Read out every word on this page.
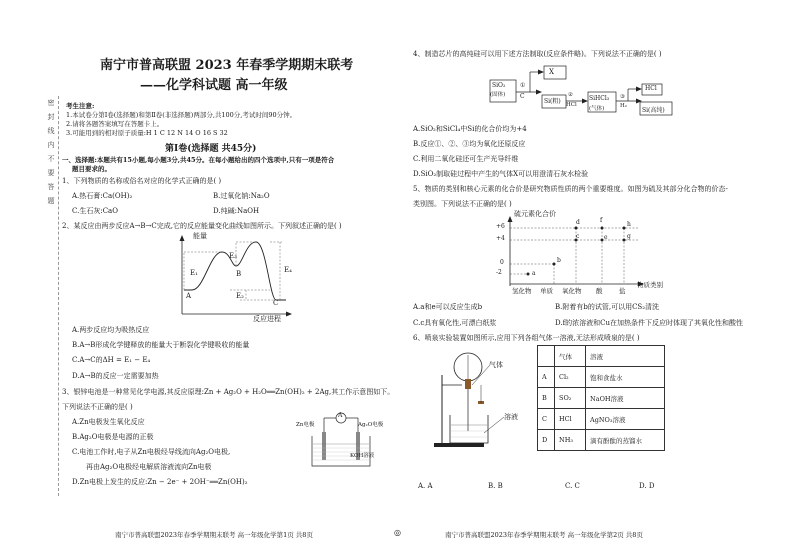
密 封 线 内 不 要 答 题
南宁市普高联盟 2023 年春季学期期末联考
——化学科试题 高一年级
考生注意:
1.本试卷分第Ⅰ卷(选择题)和第Ⅱ卷(非选择题)两部分,共100分,考试时间90分钟。
2.请将各题答案填写在答题卡上。
3.可能用到的相对原子质量:H 1 C 12 N 14 O 16 S 32
第Ⅰ卷(选择题 共45分)
一、选择题:本题共有15小题,每小题3分,共45分。在每小题给出的四个选项中,只有一项是符合
题目要求的。
1、下列物质的名称或俗名对应的化学式正确的是( )
A.热石膏:Ca(OH)₂	B.过氧化钠:Na₂O
C.生石灰:CaO	D.纯碱:NaOH
2、某反应由两步反应A→B→C完成,它的反应能量变化曲线如图所示。下列叙述正确的是( )
能量
反应进程
A
B
C
E₁
E₂
E₃
E₄
A.两步反应均为吸热反应
B.A→B形成化学键释放的能量大于断裂化学键吸收的能量
C.A→C的ΔH = E₁ − E₄
D.A→B的反应一定需要加热
3、银锌电池是一种常见化学电源,其反应原理:Zn + Ag₂O + H₂O══Zn(OH)₂ + 2Ag,其工作示意图如下。
下列说法不正确的是( )
A.Zn电极发生氧化反应
B.Ag₂O电极是电源的正极
C.电池工作时,电子从Zn电极经导线流向Ag₂O电极,
再由Ag₂O电极经电解质溶液流向Zn电极
D.Zn电极上发生的反应:Zn − 2e⁻ + 2OH⁻══Zn(OH)₂
A
Zn电极	Ag₂O电极
KOH溶液
南宁市普高联盟2023年春季学期期末联考 高一年级化学第1页 共8页	◎
4、制造芯片的高纯硅可以用下述方法制取(反应条件略)。下列说法不正确的是( )
SiO₂
(固体)
①
C
X
Si(粗)
②
HCl
SiHCl₃
(气体)
③
H₂
HCl
Si(高纯)
A.SiO₂和SiCl₄中Si的化合价均为+4
B.反应①、②、③均为氧化还原反应
C.利用二氧化硅还可生产光导纤维
D.SiO₂制取硅过程中产生的气体X可以用澄清石灰水检验
5、物质的类别和核心元素的化合价是研究物质性质的两个重要维度。如图为硫及其部分化合物的价态-
类别图。下列说法不正确的是( )
硫元素化合价
+6
+4
0
-2	a
b
c
d
e
f
g
h
氢化物 单质 氧化物 酸	盐
物质类别
A.a和e可以反应生成b	B.附着有b的试管,可以用CS₂清洗
C.c具有氧化性,可漂白纸浆	D.f的浓溶液和Cu在加热条件下反应时体现了其氧化性和酸性
6、喷泉实验装置如图所示,应用下列各组气体一溶液,无法形成喷泉的是( )
气体
溶液
	气体	溶液
A	Cl₂	饱和食盐水
B	SO₂	NaOH溶液
C	HCl	AgNO₃溶液
D	NH₃	滴有酚酞的蒸馏水
A. A	B. B	C. C	D. D
南宁市普高联盟2023年春季学期期末联考 高一年级化学第2页 共8页
